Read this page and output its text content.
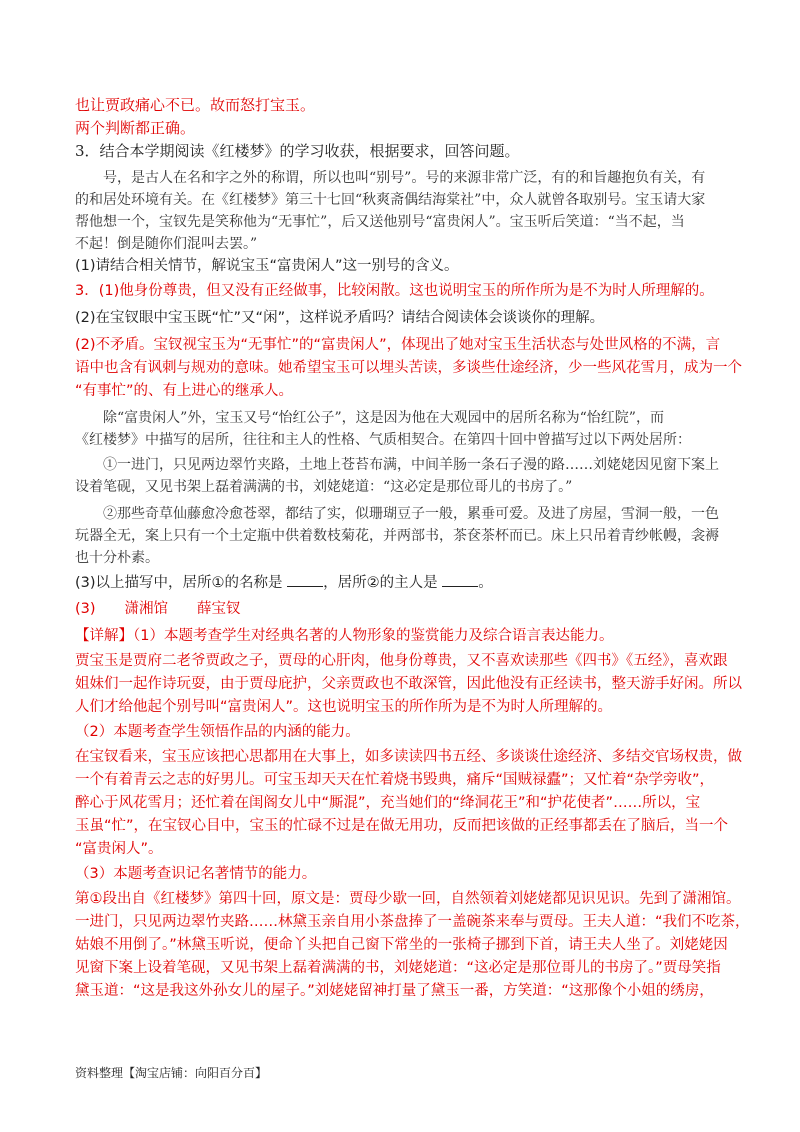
也让贾政痛心不已。故而怒打宝玉。
两个判断都正确。
3．结合本学期阅读《红楼梦》的学习收获，根据要求，回答问题。
　　号，是古人在名和字之外的称谓，所以也叫“别号”。号的来源非常广泛，有的和旨趣抱负有关，有
的和居处环境有关。在《红楼梦》第三十七回“秋爽斋偶结海棠社”中，众人就曾各取别号。宝玉请大家
帮他想一个，宝钗先是笑称他为“无事忙”，后又送他别号“富贵闲人”。宝玉听后笑道：“当不起，当
不起！倒是随你们混叫去罢。”
(1)请结合相关情节，解说宝玉“富贵闲人”这一别号的含义。
3．(1)他身份尊贵，但又没有正经做事，比较闲散。这也说明宝玉的所作所为是不为时人所理解的。
(2)在宝钗眼中宝玉既“忙”又“闲”，这样说矛盾吗？请结合阅读体会谈谈你的理解。
(2)不矛盾。宝钗视宝玉为“无事忙”的“富贵闲人”，体现出了她对宝玉生活状态与处世风格的不满，言
语中也含有讽刺与规劝的意味。她希望宝玉可以埋头苦读，多谈些仕途经济，少一些风花雪月，成为一个
“有事忙”的、有上进心的继承人。
　　除“富贵闲人”外，宝玉又号“怡红公子”，这是因为他在大观园中的居所名称为“怡红院”，而
《红楼梦》中描写的居所，往往和主人的性格、气质相契合。在第四十回中曾描写过以下两处居所：
　　①一进门，只见两边翠竹夹路，土地上苍苔布满，中间羊肠一条石子漫的路……刘姥姥因见窗下案上
设着笔砚，又见书架上磊着满满的书，刘姥姥道：“这必定是那位哥儿的书房了。”
　　②那些奇草仙藤愈冷愈苍翠，都结了实，似珊瑚豆子一般，累垂可爱。及进了房屋，雪洞一般，一色
玩器全无，案上只有一个土定瓶中供着数枝菊花，并两部书，茶奁茶杯而已。床上只吊着青纱帐幔，衾褥
也十分朴素。
(3)以上描写中，居所①的名称是 ，居所②的主人是 。
(3)　　潇湘馆　　薛宝钗
【详解】（1）本题考查学生对经典名著的人物形象的鉴赏能力及综合语言表达能力。
贾宝玉是贾府二老爷贾政之子，贾母的心肝肉，他身份尊贵，又不喜欢读那些《四书》《五经》，喜欢跟
姐妹们一起作诗玩耍，由于贾母庇护，父亲贾政也不敢深管，因此他没有正经读书，整天游手好闲。所以
人们才给他起个别号叫“富贵闲人”。这也说明宝玉的所作所为是不为时人所理解的。
（2）本题考查学生领悟作品的内涵的能力。
在宝钗看来，宝玉应该把心思都用在大事上，如多读读四书五经、多谈谈仕途经济、多结交官场权贵，做
一个有着青云之志的好男儿。可宝玉却天天在忙着烧书毁典，痛斥“国贼禄蠹”；又忙着“杂学旁收”，
醉心于风花雪月；还忙着在闺阁女儿中“厮混”，充当她们的“绛洞花王”和“护花使者”……所以，宝
玉虽“忙”，在宝钗心目中，宝玉的忙碌不过是在做无用功，反而把该做的正经事都丢在了脑后，当一个
“富贵闲人”。
（3）本题考查识记名著情节的能力。
第①段出自《红楼梦》第四十回，原文是：贾母少歇一回，自然领着刘姥姥都见识见识。先到了潇湘馆。
一进门，只见两边翠竹夹路……林黛玉亲自用小茶盘捧了一盖碗茶来奉与贾母。王夫人道：“我们不吃茶，
姑娘不用倒了。”林黛玉听说，便命丫头把自己窗下常坐的一张椅子挪到下首，请王夫人坐了。刘姥姥因
见窗下案上设着笔砚，又见书架上磊着满满的书，刘姥姥道：“这必定是那位哥儿的书房了。”贾母笑指
黛玉道：“这是我这外孙女儿的屋子。”刘姥姥留神打量了黛玉一番，方笑道：“这那像个小姐的绣房，
资料整理【淘宝店铺：向阳百分百】
